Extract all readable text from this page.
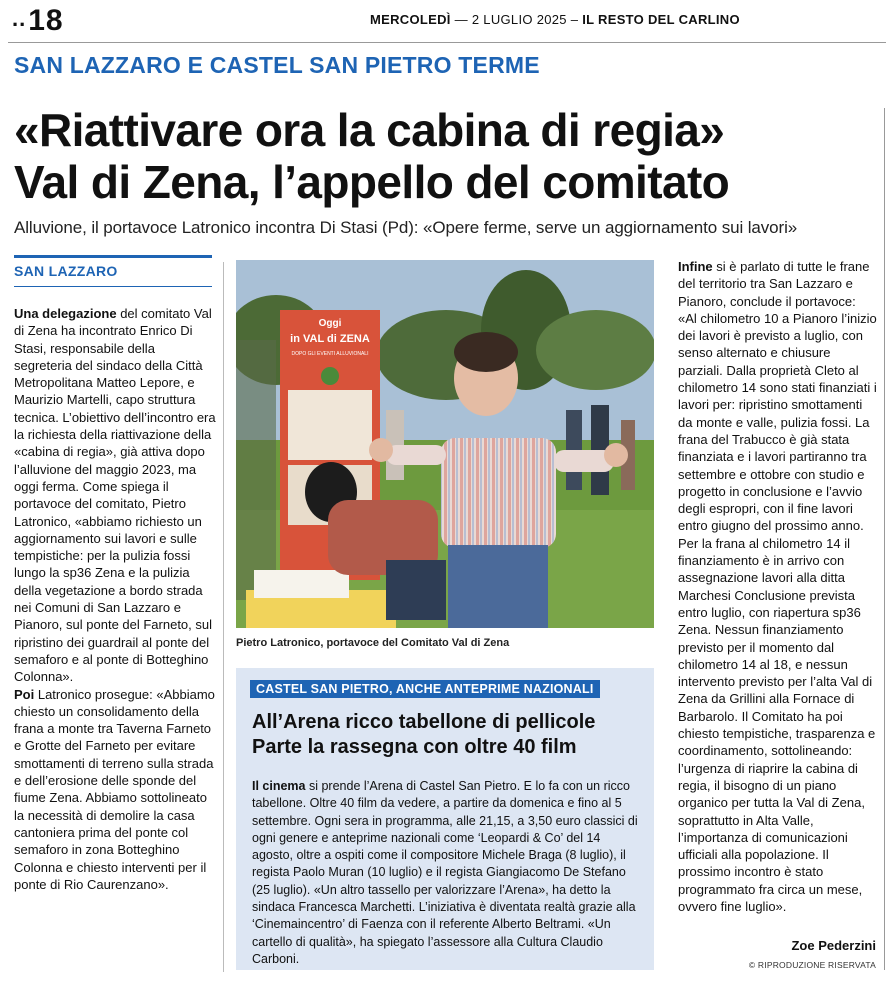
..18	MERCOLEDÌ — 2 LUGLIO 2025 – IL RESTO DEL CARLINO
SAN LAZZARO E CASTEL SAN PIETRO TERME
«Riattivare ora la cabina di regia»
Val di Zena, l’appello del comitato
Alluvione, il portavoce Latronico incontra Di Stasi (Pd): «Opere ferme, serve un aggiornamento sui lavori»
SAN LAZZARO

Una delegazione del comitato Val di Zena ha incontrato Enrico Di Stasi, responsabile della segreteria del sindaco della Città Metropolitana Matteo Lepore, e Maurizio Martelli, capo struttura tecnica. L’obiettivo dell’incontro era la richiesta della riattivazione della «cabina di regia», già attiva dopo l’alluvione del maggio 2023, ma oggi ferma. Come spiega il portavoce del comitato, Pietro Latronico, «abbiamo richiesto un aggiornamento sui lavori e sulle tempistiche: per la pulizia fossi lungo la sp36 Zena e la pulizia della vegetazione a bordo strada nei Comuni di San Lazzaro e Pianoro, sul ponte del Farneto, sul ripristino dei guardrail al ponte del semaforo e al ponte di Botteghino Colonna».

Poi Latronico prosegue: «Abbiamo chiesto un consolidamento della frana a monte tra Taverna Farneto e Grotte del Farneto per evitare smottamenti di terreno sulla strada e dell’erosione delle sponde del fiume Zena. Abbiamo sottolineato la necessità di demolire la casa cantoniera prima del ponte col semaforo in zona Botteghino Colonna e chiesto interventi per il ponte di Rio Caurenzano».

Oggi
in VAL di ZENA
DOPO GLI EVENTI ALLUVIONALI
Pietro Latronico, portavoce del Comitato Val di Zena
CASTEL SAN PIETRO, ANCHE ANTEPRIME NAZIONALI
All’Arena ricco tabellone di pellicole
Parte la rassegna con oltre 40 film
Il cinema si prende l’Arena di Castel San Pietro. E lo fa con un ricco tabellone. Oltre 40 film da vedere, a partire da domenica e fino al 5 settembre. Ogni sera in programma, alle 21,15, a 3,50 euro classici di ogni genere e anteprime nazionali come ‘Leopardi & Co’ del 14 agosto, oltre a ospiti come il compositore Michele Braga (8 luglio), il regista Paolo Muran (10 luglio) e il regista Giangiacomo De Stefano (25 luglio). «Un altro tassello per valorizzare l’Arena», ha detto la sindaca Francesca Marchetti. L’iniziativa è diventata realtà grazie alla ‘Cinemaincentro’ di Faenza con il referente Alberto Beltrami. «Un cartello di qualità», ha spiegato l’assessore alla Cultura Claudio Carboni.

Infine si è parlato di tutte le frane del territorio tra San Lazzaro e Pianoro, conclude il portavoce: «Al chilometro 10 a Pianoro l’inizio dei lavori è previsto a luglio, con senso alternato e chiusure parziali. Dalla proprietà Cleto al chilometro 14 sono stati finanziati i lavori per: ripristino smottamenti da monte e valle, pulizia fossi. La frana del Trabucco è già stata finanziata e i lavori partiranno tra settembre e ottobre con studio e progetto in conclusione e l’avvio degli espropri, con il fine lavori entro giugno del prossimo anno. Per la frana al chilometro 14 il finanziamento è in arrivo con assegnazione lavori alla ditta Marchesi Conclusione prevista entro luglio, con riapertura sp36 Zena. Nessun finanziamento previsto per il momento dal chilometro 14 al 18, e nessun intervento previsto per l’alta Val di Zena da Grillini alla Fornace di Barbarolo. Il Comitato ha poi chiesto tempistiche, trasparenza e coordinamento, sottolineando: l’urgenza di riaprire la cabina di regia, il bisogno di un piano organico per tutta la Val di Zena, soprattutto in Alta Valle, l’importanza di comunicazioni ufficiali alla popolazione. Il prossimo incontro è stato programmato fra circa un mese, ovvero fine luglio».

Zoe Pederzini
© RIPRODUZIONE RISERVATA
